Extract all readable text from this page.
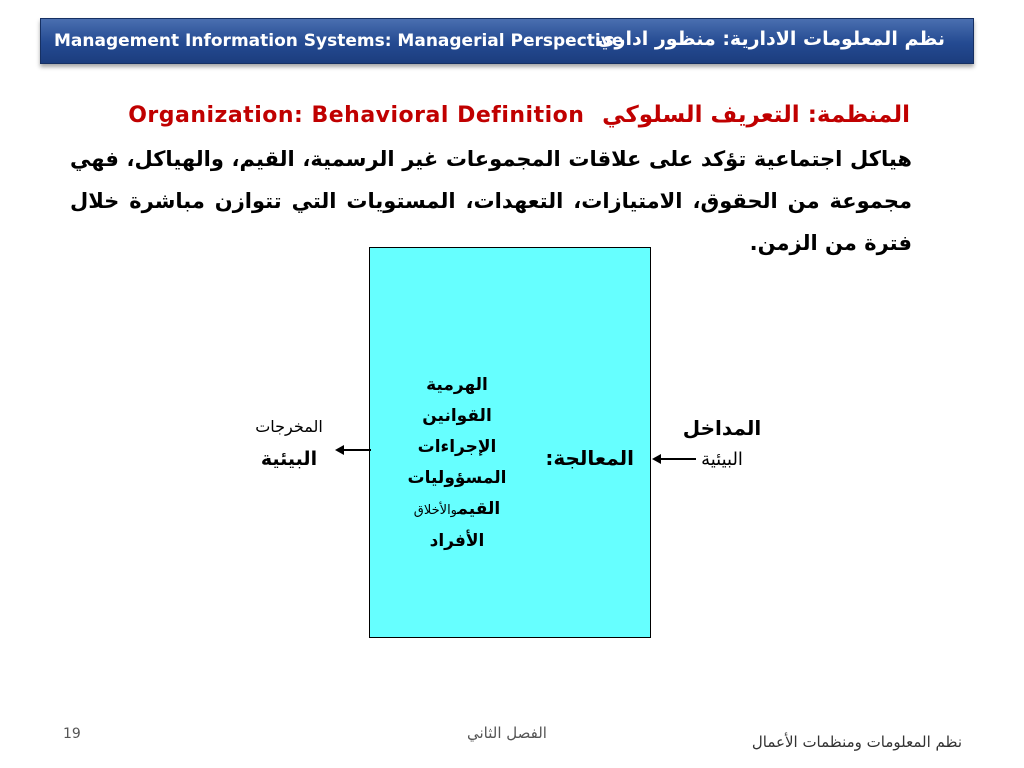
Management Information Systems: Managerial Perspective
نظم المعلومات الادارية: منظور اداري
Organization: Behavioral Definition المنظمة: التعريف السلوكي
هياكل اجتماعية تؤكد على علاقات المجموعات غير الرسمية، القيم، والهياكل، فهي مجموعة من الحقوق، الامتيازات، التعهدات، المستويات التي تتوازن مباشرة خلال فترة من الزمن.
الهرمية
القوانين
الإجراءات
المسؤوليات
القيموالأخلاق
الأفراد
المعالجة:
المداخل
البيئية
المخرجات
البيئية
19	الفصل الثاني	نظم المعلومات ومنظمات الأعمال
